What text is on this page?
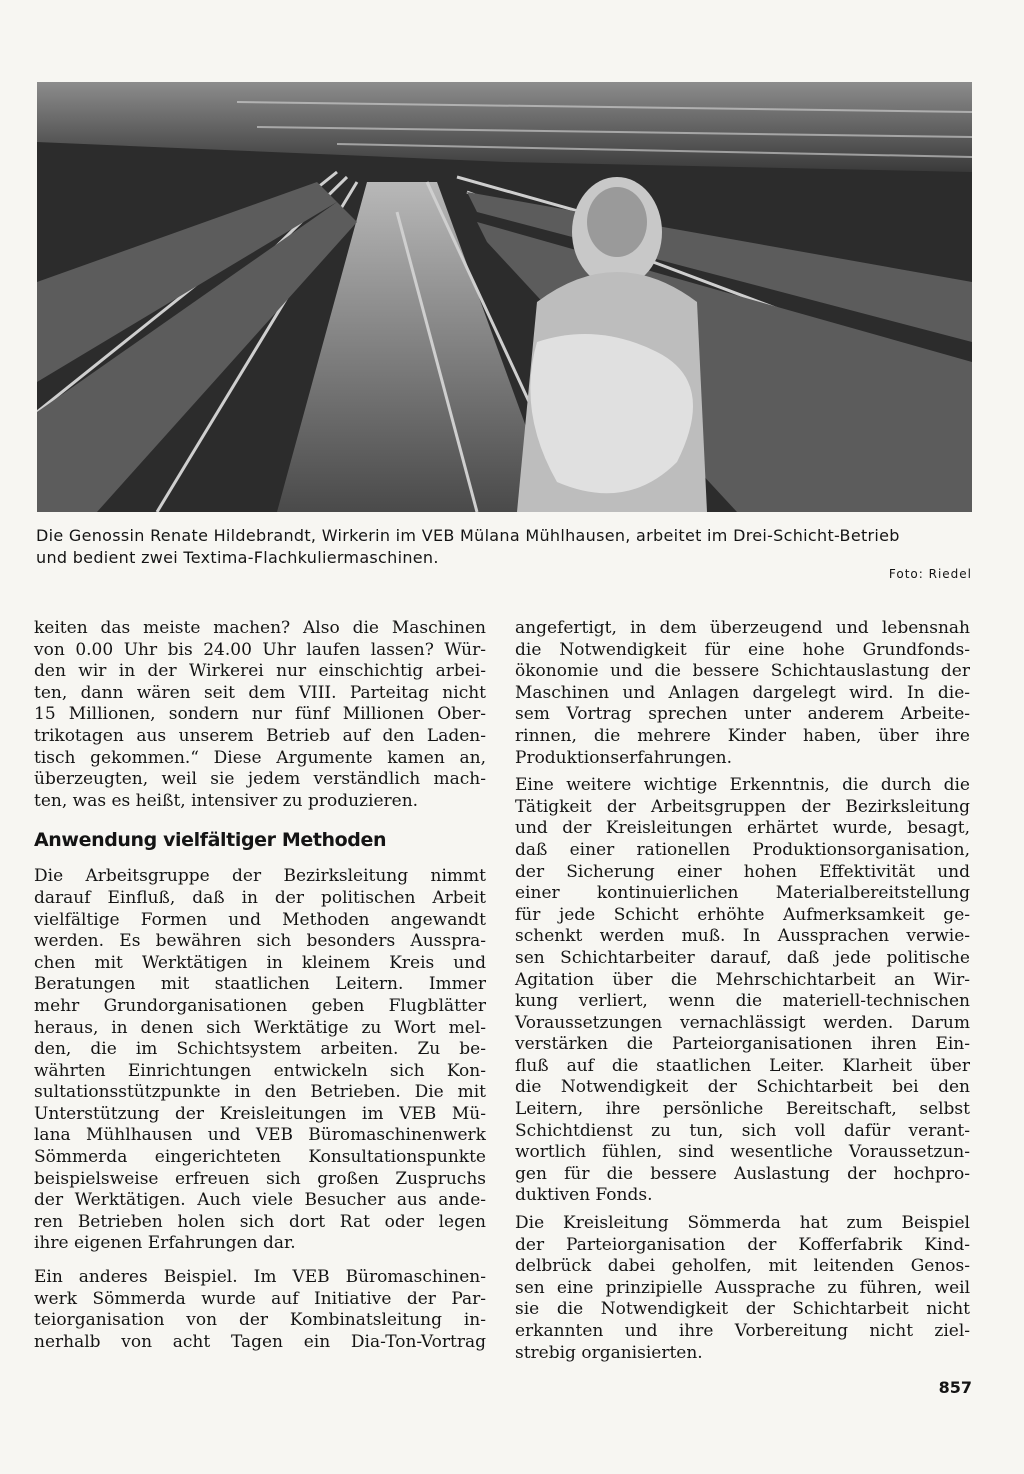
Die Genossin Renate Hildebrandt, Wirkerin im VEB Mülana Mühlhausen, arbeitet im Drei-Schicht-Betrieb
und bedient zwei Textima-Flachkuliermaschinen.

Foto: Riedel

keiten das meiste machen? Also die Maschinen
von 0.00 Uhr bis 24.00 Uhr laufen lassen? Wür-
den wir in der Wirkerei nur einschichtig arbei-
ten, dann wären seit dem VIII. Parteitag nicht
15 Millionen, sondern nur fünf Millionen Ober-
trikotagen aus unserem Betrieb auf den Laden-
tisch gekommen.“ Diese Argumente kamen an,
überzeugten, weil sie jedem verständlich mach-
ten, was es heißt, intensiver zu produzieren.

Anwendung vielfältiger Methoden

Die Arbeitsgruppe der Bezirksleitung nimmt
darauf Einfluß, daß in der politischen Arbeit
vielfältige Formen und Methoden angewandt
werden. Es bewähren sich besonders Ausspra-
chen mit Werktätigen in kleinem Kreis und
Beratungen mit staatlichen Leitern. Immer
mehr Grundorganisationen geben Flugblätter
heraus, in denen sich Werktätige zu Wort mel-
den, die im Schichtsystem arbeiten. Zu be-
währten Einrichtungen entwickeln sich Kon-
sultationsstützpunkte in den Betrieben. Die mit
Unterstützung der Kreisleitungen im VEB Mü-
lana Mühlhausen und VEB Büromaschinenwerk
Sömmerda eingerichteten Konsultationspunkte
beispielsweise erfreuen sich großen Zuspruchs
der Werktätigen. Auch viele Besucher aus ande-
ren Betrieben holen sich dort Rat oder legen
ihre eigenen Erfahrungen dar.

Ein anderes Beispiel. Im VEB Büromaschinen-
werk Sömmerda wurde auf Initiative der Par-
teiorganisation von der Kombinatsleitung in-
nerhalb von acht Tagen ein Dia-Ton-Vortrag

angefertigt, in dem überzeugend und lebensnah
die Notwendigkeit für eine hohe Grundfonds-
ökonomie und die bessere Schichtauslastung der
Maschinen und Anlagen dargelegt wird. In die-
sem Vortrag sprechen unter anderem Arbeite-
rinnen, die mehrere Kinder haben, über ihre
Produktionserfahrungen.

Eine weitere wichtige Erkenntnis, die durch die
Tätigkeit der Arbeitsgruppen der Bezirksleitung
und der Kreisleitungen erhärtet wurde, besagt,
daß einer rationellen Produktionsorganisation,
der Sicherung einer hohen Effektivität und
einer kontinuierlichen Materialbereitstellung
für jede Schicht erhöhte Aufmerksamkeit ge-
schenkt werden muß. In Aussprachen verwie-
sen Schichtarbeiter darauf, daß jede politische
Agitation über die Mehrschichtarbeit an Wir-
kung verliert, wenn die materiell-technischen
Voraussetzungen vernachlässigt werden. Darum
verstärken die Parteiorganisationen ihren Ein-
fluß auf die staatlichen Leiter. Klarheit über
die Notwendigkeit der Schichtarbeit bei den
Leitern, ihre persönliche Bereitschaft, selbst
Schichtdienst zu tun, sich voll dafür verant-
wortlich fühlen, sind wesentliche Voraussetzun-
gen für die bessere Auslastung der hochpro-
duktiven Fonds.

Die Kreisleitung Sömmerda hat zum Beispiel
der Parteiorganisation der Kofferfabrik Kind-
delbrück dabei geholfen, mit leitenden Genos-
sen eine prinzipielle Aussprache zu führen, weil
sie die Notwendigkeit der Schichtarbeit nicht
erkannten und ihre Vorbereitung nicht ziel-
strebig organisierten.

857
